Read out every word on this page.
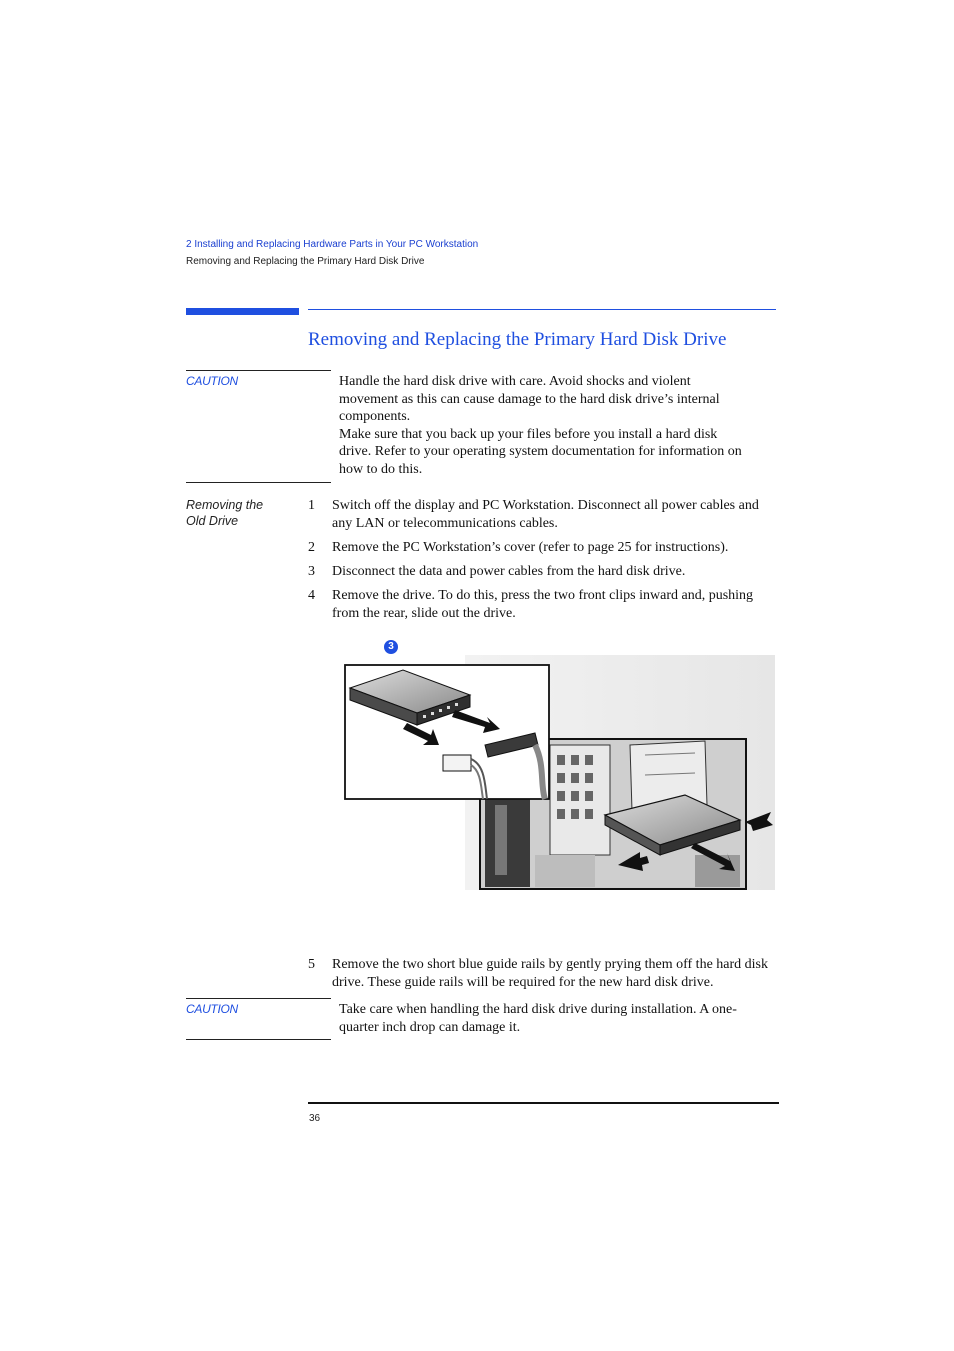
2 Installing and Replacing Hardware Parts in Your PC Workstation
Removing and Replacing the Primary Hard Disk Drive
Removing and Replacing the Primary Hard Disk Drive
CAUTION	Handle the hard disk drive with care. Avoid shocks and violent
movement as this can cause damage to the hard disk drive’s internal
components.
Make sure that you back up your files before you install a hard disk
drive. Refer to your operating system documentation for information on
how to do this.
Removing the
Old Drive
1 Switch off the display and PC Workstation. Disconnect all power cables and any LAN or telecommunications cables.
2 Remove the PC Workstation’s cover (refer to page 25 for instructions).
3 Disconnect the data and power cables from the hard disk drive.
4 Remove the drive. To do this, press the two front clips inward and, pushing from the rear, slide out the drive.
3
5 Remove the two short blue guide rails by gently prying them off the hard disk drive. These guide rails will be required for the new hard disk drive.
CAUTION	Take care when handling the hard disk drive during installation. A one-
quarter inch drop can damage it.
36
